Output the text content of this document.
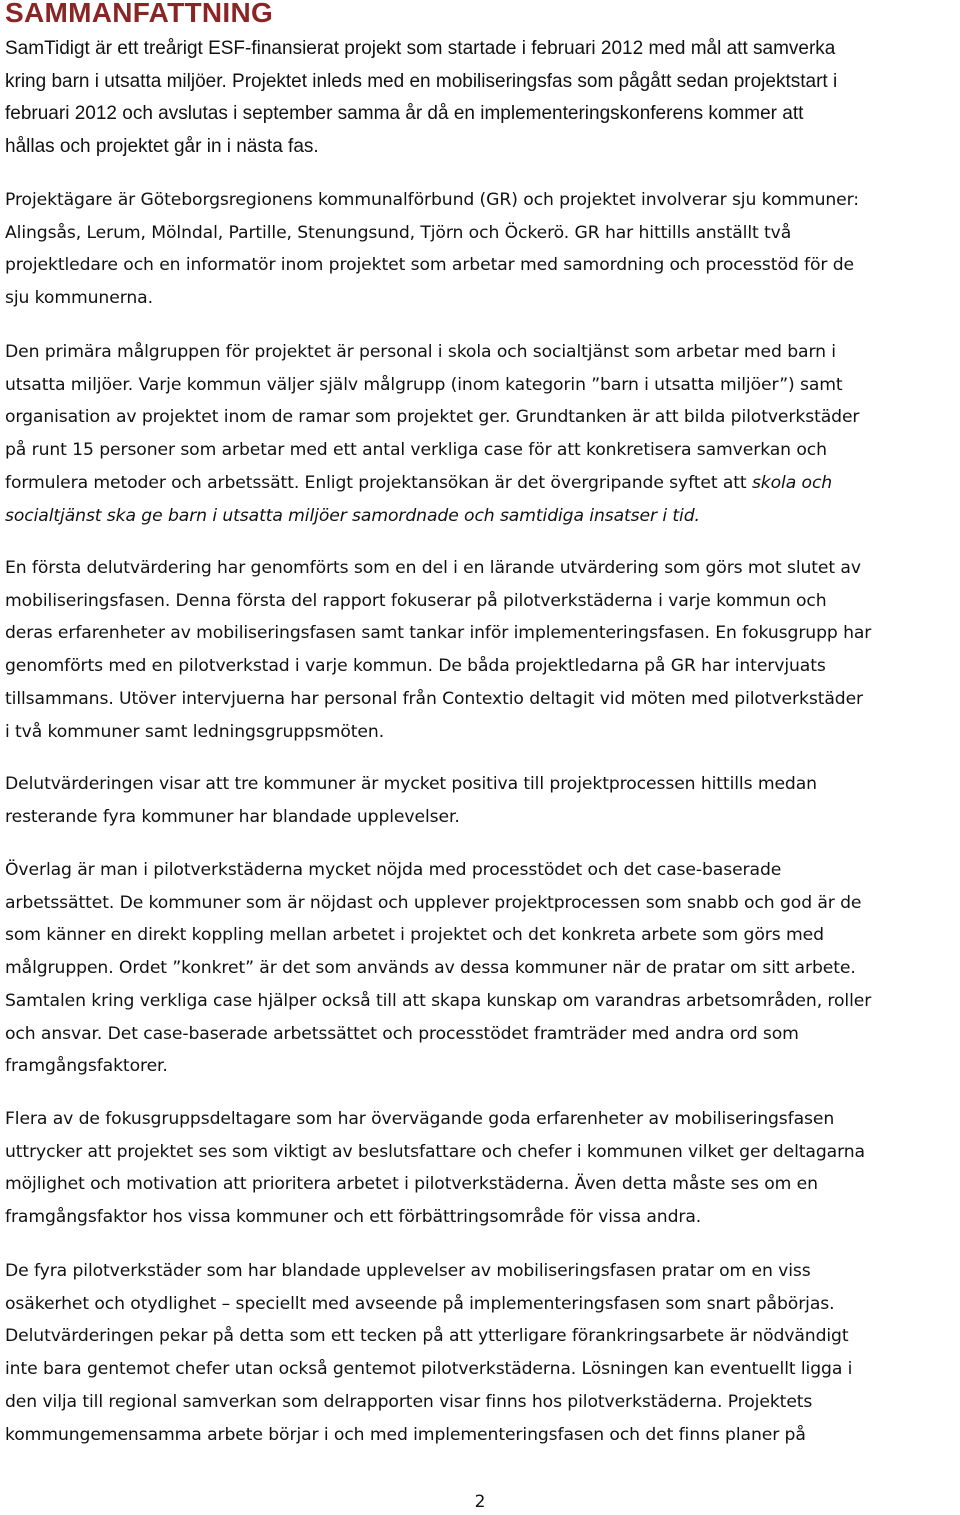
SAMMANFATTNING

SamTidigt är ett treårigt ESF-finansierat projekt som startade i februari 2012 med mål att samverka
kring barn i utsatta miljöer. Projektet inleds med en mobiliseringsfas som pågått sedan projektstart i
februari 2012 och avslutas i september samma år då en implementeringskonferens kommer att
hållas och projektet går in i nästa fas.

Projektägare är Göteborgsregionens kommunalförbund (GR) och projektet involverar sju kommuner:
Alingsås, Lerum, Mölndal, Partille, Stenungsund, Tjörn och Öckerö. GR har hittills anställt två
projektledare och en informatör inom projektet som arbetar med samordning och processtöd för de
sju kommunerna.

Den primära målgruppen för projektet är personal i skola och socialtjänst som arbetar med barn i
utsatta miljöer. Varje kommun väljer själv målgrupp (inom kategorin ”barn i utsatta miljöer”) samt
organisation av projektet inom de ramar som projektet ger. Grundtanken är att bilda pilotverkstäder
på runt 15 personer som arbetar med ett antal verkliga case för att konkretisera samverkan och
formulera metoder och arbetssätt. Enligt projektansökan är det övergripande syftet att skola och
socialtjänst ska ge barn i utsatta miljöer samordnade och samtidiga insatser i tid.

En första delutvärdering har genomförts som en del i en lärande utvärdering som görs mot slutet av
mobiliseringsfasen. Denna första del rapport fokuserar på pilotverkstäderna i varje kommun och
deras erfarenheter av mobiliseringsfasen samt tankar inför implementeringsfasen. En fokusgrupp har
genomförts med en pilotverkstad i varje kommun. De båda projektledarna på GR har intervjuats
tillsammans. Utöver intervjuerna har personal från Contextio deltagit vid möten med pilotverkstäder
i två kommuner samt ledningsgruppsmöten.

Delutvärderingen visar att tre kommuner är mycket positiva till projektprocessen hittills medan
resterande fyra kommuner har blandade upplevelser.

Överlag är man i pilotverkstäderna mycket nöjda med processtödet och det case-baserade
arbetssättet. De kommuner som är nöjdast och upplever projektprocessen som snabb och god är de
som känner en direkt koppling mellan arbetet i projektet och det konkreta arbete som görs med
målgruppen. Ordet ”konkret” är det som används av dessa kommuner när de pratar om sitt arbete.
Samtalen kring verkliga case hjälper också till att skapa kunskap om varandras arbetsområden, roller
och ansvar. Det case-baserade arbetssättet och processtödet framträder med andra ord som
framgångsfaktorer.

Flera av de fokusgruppsdeltagare som har övervägande goda erfarenheter av mobiliseringsfasen
uttrycker att projektet ses som viktigt av beslutsfattare och chefer i kommunen vilket ger deltagarna
möjlighet och motivation att prioritera arbetet i pilotverkstäderna. Även detta måste ses om en
framgångsfaktor hos vissa kommuner och ett förbättringsområde för vissa andra.

De fyra pilotverkstäder som har blandade upplevelser av mobiliseringsfasen pratar om en viss
osäkerhet och otydlighet – speciellt med avseende på implementeringsfasen som snart påbörjas.
Delutvärderingen pekar på detta som ett tecken på att ytterligare förankringsarbete är nödvändigt
inte bara gentemot chefer utan också gentemot pilotverkstäderna. Lösningen kan eventuellt ligga i
den vilja till regional samverkan som delrapporten visar finns hos pilotverkstäderna. Projektets
kommungemensamma arbete börjar i och med implementeringsfasen och det finns planer på

2
